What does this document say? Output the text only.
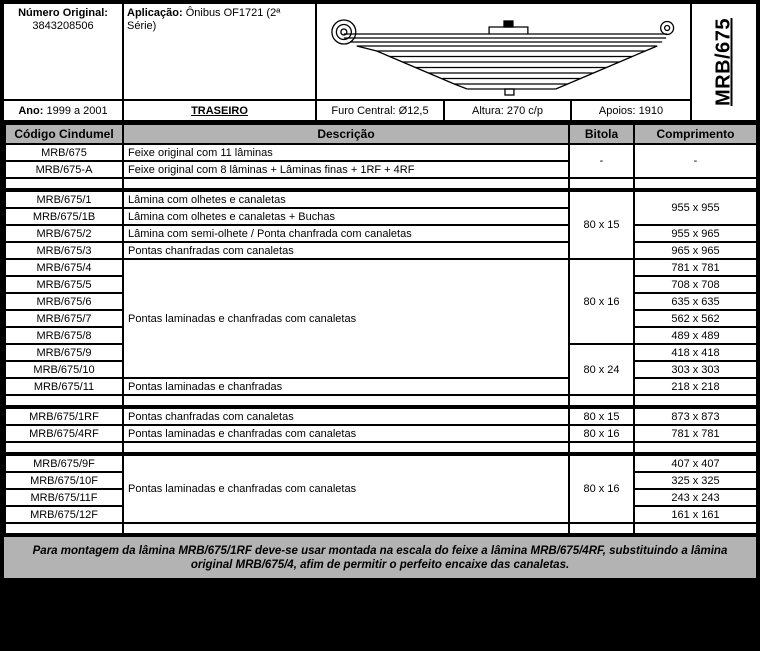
Número Original:
3843208506
Aplicação: Ônibus OF1721 (2ª Série)
Ano:
1999 a 2001	TRASEIRO	Furo Central: Ø12,5	Altura: 270 c/p	Apoios: 1910
MRB/675
Código Cindumel	Descrição	Bitola	Comprimento
MRB/675	Feixe original com 11 lâminas	-	-
MRB/675-A	Feixe original com 8 lâminas + Lâminas finas + 1RF + 4RF		

MRB/675/1	Lâmina com olhetes e canaletas	80 x 15	955 x 955
MRB/675/1B	Lâmina com olhetes e canaletas + Buchas		
MRB/675/2	Lâmina com semi-olhete / Ponta chanfrada com canaletas		955 x 965
MRB/675/3	Pontas chanfradas com canaletas		965 x 965
MRB/675/4	Pontas laminadas e chanfradas com canaletas	80 x 16	781 x 781
MRB/675/5			708 x 708
MRB/675/6			635 x 635
MRB/675/7			562 x 562
MRB/675/8			489 x 489
MRB/675/9		80 x 24	418 x 418
MRB/675/10			303 x 303
MRB/675/11	Pontas laminadas e chanfradas		218 x 218

MRB/675/1RF	Pontas chanfradas com canaletas	80 x 15	873 x 873
MRB/675/4RF	Pontas laminadas e chanfradas com canaletas	80 x 16	781 x 781

MRB/675/9F	Pontas laminadas e chanfradas com canaletas	80 x 16	407 x 407
MRB/675/10F			325 x 325
MRB/675/11F			243 x 243
MRB/675/12F			161 x 161

Para montagem da lâmina MRB/675/1RF deve-se usar montada na escala do feixe a lâmina MRB/675/4RF, substituindo a lâmina original MRB/675/4, afim de permitir o perfeito encaixe das canaletas.
